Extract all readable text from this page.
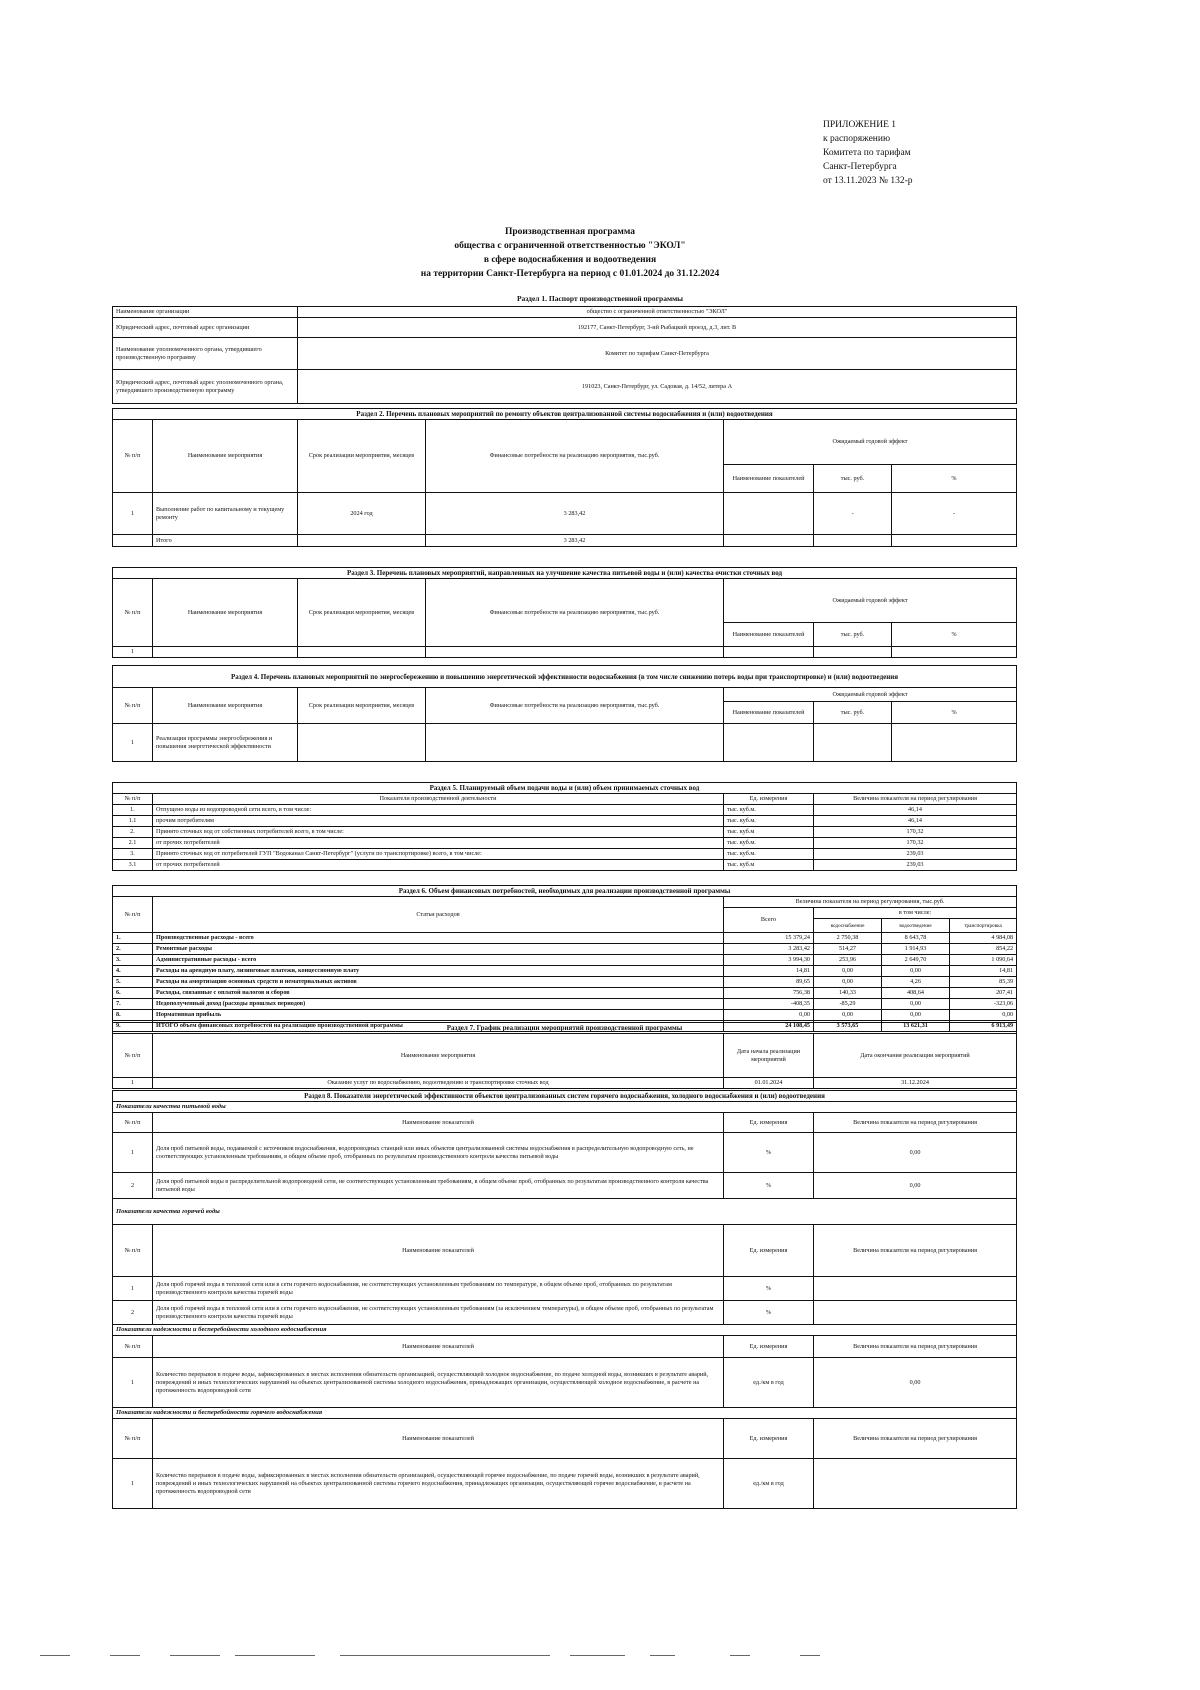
ПРИЛОЖЕНИЕ 1
к распоряжению
Комитета по тарифам
Санкт-Петербурга
от 13.11.2023 № 132-р
Производственная программа
общества с ограниченной ответственностью "ЭКОЛ"
в сфере водоснабжения и водоотведения
на территории Санкт-Петербурга на период с 01.01.2024 до 31.12.2024
Раздел 1. Паспорт производственной программы
Наименование организации	общество с ограниченной ответственностью "ЭКОЛ"
Юридический адрес, почтовый адрес организации	192177, Санкт-Петербург, 3-ий Рыбацкий проезд, д.3, лит. В
Наименование уполномоченного органа, утвердившего производственную программу	Комитет по тарифам Санкт-Петербурга
Юридический адрес, почтовый адрес уполномоченного органа, утвердившего производственную программу	191023, Санкт-Петербург, ул. Садовая, д. 14/52, литера А
Раздел 2. Перечень плановых мероприятий по ремонту объектов централизованной системы водоснабжения и (или) водоотведения						
№ п/п	Наименование мероприятия	Срок реализации мероприятия, месяцев	Финансовые потребности на реализацию мероприятия, тыс.руб.	Ожидаемый годовой эффект		
				Наименование показателей	тыс. руб.	%
1	Выполнение работ по капитальному и текущему ремонту	2024 год	3 283,42		-	-
	Итого		3 283,42			
Раздел 3. Перечень плановых мероприятий, направленных на улучшение качества питьевой воды и (или) качества очистки сточных вод						
№ п/п	Наименование мероприятия	Срок реализации мероприятия, месяцев	Финансовые потребности на реализацию мероприятия, тыс.руб.	Ожидаемый годовой эффект		
				Наименование показателей	тыс. руб.	%
1						
Раздел 4. Перечень плановых мероприятий по энергосбережению и повышению энергетической эффективности водоснабжения (в том числе снижению потерь воды при транспортировке) и (или) водоотведения						
№ п/п	Наименование мероприятия	Срок реализации мероприятия, месяцев	Финансовые потребности на реализацию мероприятия, тыс.руб.	Ожидаемый годовой эффект		
				Наименование показателей	тыс. руб.	%
1	Реализация программы энергосбережения и повышения энергетической эффективности					
Раздел 5. Планируемый объем подачи воды и (или) объем принимаемых сточных вод			
№ п/п	Показатели производственной деятельности	Ед. измерения	Величина показателя на период регулирования
1.	Отпущено воды из водопроводной сети всего, в том числе:	тыс. куб.м.	46,14
1.1	прочим потребителям	тыс. куб.м.	46,14
2.	Принято сточных вод от собственных потребителей всего, в том числе:	тыс. куб.м	170,32
2.1	от прочих потребителей	тыс. куб.м.	170,32
3.	Принято сточных вод от потребителей ГУП "Водоканал Санкт-Петербург" (услуги по транспортировке) всего, в том числе:	тыс. куб.м.	239,03
3.1	от прочих потребителей	тыс. куб.м	239,03
Раздел 6. Объем финансовых потребностей, необходимых для реализации производственной программы					
№ п/п	Статьи расходов	Величина показателя на период регулирования, тыс.руб.			
		Всего	в том числе:		
			водоснабжение	водоотведение	транспортировка
1.	Производственные расходы - всего	15 379,24	2 750,38	8 643,78	4 984,08
2.	Ремонтные расходы	3 283,42	514,27	1 914,93	854,22
3.	Административные расходы - всего	3 994,30	253,96	2 649,70	1 090,64
4.	Расходы на арендную плату, лизинговые платежи, концессионную плату	14,81	0,00	0,00	14,81
5.	Расходы на амортизацию основных средств и нематериальных активов	89,65	0,00	4,26	85,39
6.	Расходы, связанные с оплатой налогов и сборов	756,38	140,33	408,64	207,41
7.	Недополученный доход (расходы прошлых периодов)	-408,35	-85,29	0,00	-323,06
8.	Нормативная прибыль	0,00	0,00	0,00	0,00
9.	ИТОГО объем финансовых потребностей на реализацию производственной программы	24 108,45	3 573,65	13 621,31	6 913,49
Раздел 7. График реализации мероприятий производственной программы			
№ п/п	Наименование мероприятия	Дата начала реализации мероприятий	Дата окончания реализации мероприятий
1	Оказание услуг по водоснабжению, водоотведению и транспортировке сточных вод	01.01.2024	31.12.2024
Раздел 8. Показатели энергетической эффективности объектов централизованных систем горячего водоснабжения, холодного водоснабжения и (или) водоотведения			
Показатели качества питьевой воды			
№ п/п	Наименование показателей	Ед. измерения	Величина показателя на период регулирования
1	Доля проб питьевой воды, подаваемой с источников водоснабжения, водопроводных станций или иных объектов централизованной системы водоснабжения в распределительную водопроводную сеть, не соответствующих установленным требованиям, в общем объеме проб, отобранных по результатам производственного контроля качества питьевой воды	%	0,00
2	Доля проб питьевой воды в распределительной водопроводной сети, не соответствующих установленным требованиям, в общем объеме проб, отобранных по результатам производственного контроля качества питьевой воды	%	0,00
Показатели качества горячей воды			
№ п/п	Наименование показателей	Ед. измерения	Величина показателя на период регулирования
1	Доля проб горячей воды в тепловой сети или в сети горячего водоснабжения, не соответствующих установленным требованиям по температуре, в общем объеме проб, отобранных по результатам производственного контроля качества горячей воды	%	
2	Доля проб горячей воды в тепловой сети или в сети горячего водоснабжения, не соответствующих установленным требованиям (за исключением температуры), в общем объеме проб, отобранных по результатам производственного контроля качества горячей воды	%	
Показатели надежности и бесперебойности холодного водоснабжения			
№ п/п	Наименование показателей	Ед. измерения	Величина показателя на период регулирования
1	Количество перерывов в подаче воды, зафиксированных в местах исполнения обязательств организацией, осуществляющей холодное водоснабжение, по подаче холодной воды, возникших в результате аварий, повреждений и иных технологических нарушений на объектах централизованной системы холодного водоснабжения, принадлежащих организации, осуществляющей холодное водоснабжение, в расчете на протяженность водопроводной сети	ед./км в год	0,00
Показатели надежности и бесперебойности горячего водоснабжения			
№ п/п	Наименование показателей	Ед. измерения	Величина показателя на период регулирования
1	Количество перерывов в подаче воды, зафиксированных в местах исполнения обязательств организацией, осуществляющей горячее водоснабжение, по подаче горячей воды, возникших в результате аварий, повреждений и иных технологических нарушений на объектах централизованной системы горячего водоснабжения, принадлежащих организации, осуществляющей горячее водоснабжение, в расчете на протяженность водопроводной сети	ед./км в год	
